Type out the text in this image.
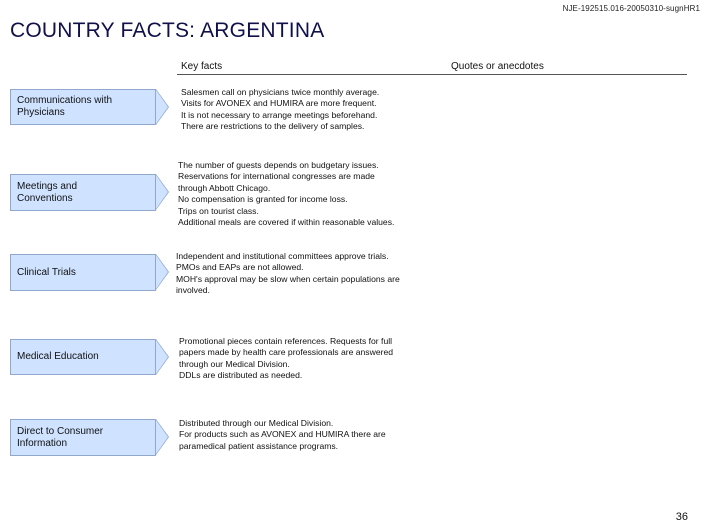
NJE-192515.016-20050310-sugnHR1
COUNTRY FACTS: ARGENTINA
Key facts	Quotes or anecdotes
Communications with
Physicians
Salesmen call on physicians twice monthly average.
Visits for AVONEX and HUMIRA are more frequent.
It is not necessary to arrange meetings beforehand.
There are restrictions to the delivery of samples.
Meetings and
Conventions
The number of guests depends on budgetary issues.
Reservations for international congresses are made
through Abbott Chicago.
No compensation is granted for income loss.
Trips on tourist class.
Additional meals are covered if within reasonable values.
Clinical Trials
Independent and institutional committees approve trials.
PMOs and EAPs are not allowed.
MOH's approval may be slow when certain populations are
involved.
Medical Education
Promotional pieces contain references. Requests for full
papers made by health care professionals are answered
through our Medical Division.
DDLs are distributed as needed.
Direct to Consumer
Information
Distributed through our Medical Division.
For products such as AVONEX and HUMIRA there are
paramedical patient assistance programs.
36
